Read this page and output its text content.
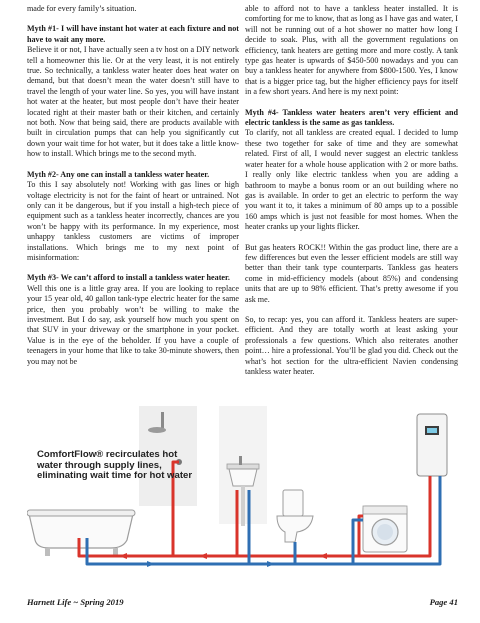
made for every family’s situation.

Myth #1- I will have instant hot water at each fixture and not have to wait any more.

Believe it or not, I have actually seen a tv host on a DIY network tell a homeowner this lie. Or at the very least, it is not entirely true. So technically, a tankless water heater does heat water on demand, but that doesn’t mean the water doesn’t still have to travel the length of your water line. So yes, you will have instant hot water at the heater, but most people don’t have their heater located right at their master bath or their kitchen, and certainly not both. Now that being said, there are products available with built in circulation pumps that can help you significantly cut down your wait time for hot water, but it does take a little know-how to install. Which brings me to the second myth.

Myth #2- Any one can install a tankless water heater.

To this I say absolutely not! Working with gas lines or high voltage electricity is not for the faint of heart or untrained. Not only can it be dangerous, but if you install a high-tech piece of equipment such as a tankless heater incorrectly, chances are you won’t be happy with its performance. In my experience, most unhappy tankless customers are victims of improper installations. Which brings me to my next point of misinformation:

Myth #3- We can’t afford to install a tankless water heater.

Well this one is a little gray area. If you are looking to replace your 15 year old, 40 gallon tank-type electric heater for the same price, then you probably won’t be willing to make the investment. But I do say, ask yourself how much you spent on that SUV in your driveway or the smartphone in your pocket. Value is in the eye of the beholder. If you have a couple of teenagers in your home that like to take 30-minute showers, then you may not be

able to afford not to have a tankless heater installed. It is comforting for me to know, that as long as I have gas and water, I will not be running out of a hot shower no matter how long I decide to soak. Plus, with all the government regulations on efficiency, tank heaters are getting more and more costly. A tank type gas heater is upwards of $450-500 nowadays and you can buy a tankless heater for anywhere from $800-1500. Yes, I know that is a bigger price tag, but the higher efficiency pays for itself in a few short years. And here is my next point:

Myth #4- Tankless water heaters aren’t very efficient and electric tankless is the same as gas tankless.

To clarify, not all tankless are created equal. I decided to lump these two together for sake of time and they are somewhat related. First of all, I would never suggest an electric tankless water heater for a whole house application with 2 or more baths. I really only like electric tankless when you are adding a bathroom to maybe a bonus room or an out building where no gas is available. In order to get an electric to perform the way you want it to, it takes a minimum of 80 amps up to a possible 160 amps which is just not feasible for most homes. When the heater cranks up your lights flicker.

But gas heaters ROCK!! Within the gas product line, there are a few differences but even the lesser efficient models are still way better than their tank type counterparts. Tankless gas heaters come in mid-efficiency models (about 85%) and condensing units that are up to 98% efficient. That’s pretty awesome if you ask me.

So, to recap: yes, you can afford it. Tankless heaters are super-efficient. And they are totally worth at least asking your professionals a few questions. Which also reiterates another point… hire a professional. You’ll be glad you did. Check out the what’s hot section for the ultra-efficient Navien condensing tankless water heater.

ComfortFlow® recirculates hot water through supply lines, eliminating wait time for hot water
Harnett Life ~ Spring 2019	Page 41
